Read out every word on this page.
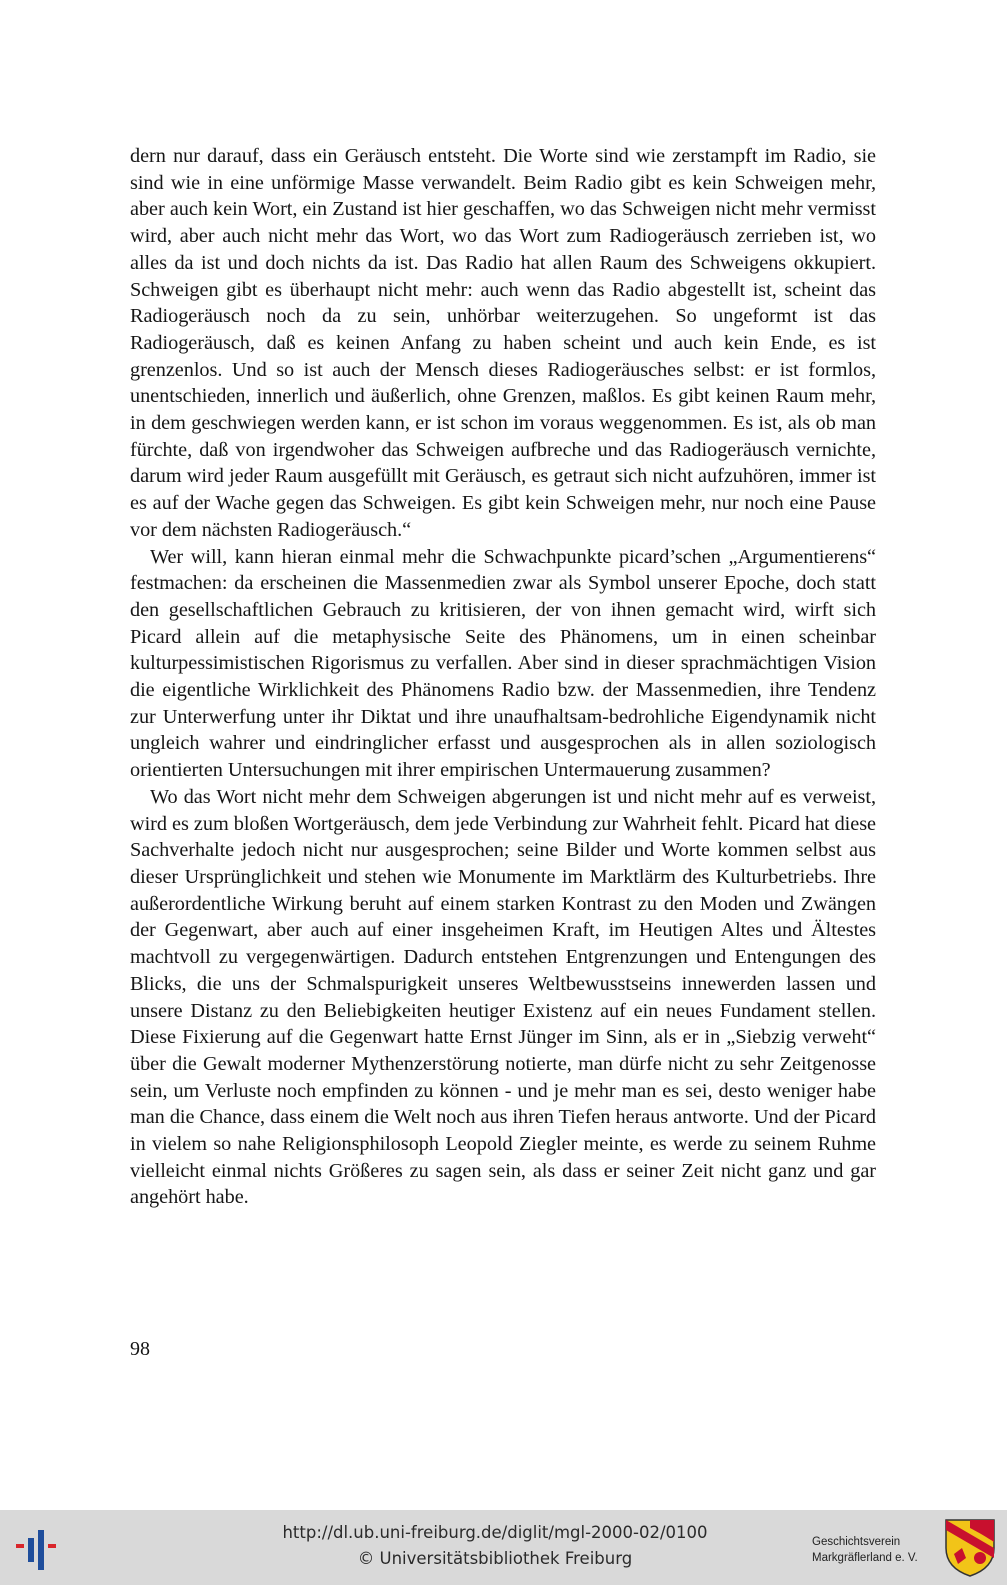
dern nur darauf, dass ein Geräusch entsteht. Die Worte sind wie zerstampft im Radio, sie sind wie in eine unförmige Masse verwandelt. Beim Radio gibt es kein Schweigen mehr, aber auch kein Wort, ein Zustand ist hier geschaffen, wo das Schweigen nicht mehr vermisst wird, aber auch nicht mehr das Wort, wo das Wort zum Radiogeräusch zerrieben ist, wo alles da ist und doch nichts da ist. Das Radio hat allen Raum des Schweigens okkupiert. Schweigen gibt es überhaupt nicht mehr: auch wenn das Radio abgestellt ist, scheint das Radiogeräusch noch da zu sein, unhörbar weiterzugehen. So ungeformt ist das Radiogeräusch, daß es keinen Anfang zu haben scheint und auch kein Ende, es ist grenzenlos. Und so ist auch der Mensch dieses Radiogeräusches selbst: er ist formlos, unentschieden, innerlich und äußerlich, ohne Grenzen, maßlos. Es gibt keinen Raum mehr, in dem geschwiegen werden kann, er ist schon im voraus weggenommen. Es ist, als ob man fürchte, daß von irgendwoher das Schweigen aufbreche und das Radiogeräusch vernichte, darum wird jeder Raum ausgefüllt mit Geräusch, es getraut sich nicht aufzuhören, immer ist es auf der Wache gegen das Schweigen. Es gibt kein Schweigen mehr, nur noch eine Pause vor dem nächsten Radiogeräusch.“

Wer will, kann hieran einmal mehr die Schwachpunkte picard’schen „Argumentierens“ festmachen: da erscheinen die Massenmedien zwar als Symbol unserer Epoche, doch statt den gesellschaftlichen Gebrauch zu kritisieren, der von ihnen gemacht wird, wirft sich Picard allein auf die metaphysische Seite des Phänomens, um in einen scheinbar kulturpessimistischen Rigorismus zu verfallen. Aber sind in dieser sprachmächtigen Vision die eigentliche Wirklichkeit des Phänomens Radio bzw. der Massenmedien, ihre Tendenz zur Unterwerfung unter ihr Diktat und ihre unaufhaltsam-bedrohliche Eigendynamik nicht ungleich wahrer und eindringlicher erfasst und ausgesprochen als in allen soziologisch orientierten Untersuchungen mit ihrer empirischen Untermauerung zusammen?

Wo das Wort nicht mehr dem Schweigen abgerungen ist und nicht mehr auf es verweist, wird es zum bloßen Wortgeräusch, dem jede Verbindung zur Wahrheit fehlt. Picard hat diese Sachverhalte jedoch nicht nur ausgesprochen; seine Bilder und Worte kommen selbst aus dieser Ursprünglichkeit und stehen wie Monumente im Marktlärm des Kulturbetriebs. Ihre außerordentliche Wirkung beruht auf einem starken Kontrast zu den Moden und Zwängen der Gegenwart, aber auch auf einer insgeheimen Kraft, im Heutigen Altes und Ältestes machtvoll zu vergegenwärtigen. Dadurch entstehen Entgrenzungen und Entengungen des Blicks, die uns der Schmalspurigkeit unseres Weltbewusstseins innewerden lassen und unsere Distanz zu den Beliebigkeiten heutiger Existenz auf ein neues Fundament stellen. Diese Fixierung auf die Gegenwart hatte Ernst Jünger im Sinn, als er in „Siebzig verweht“ über die Gewalt moderner Mythenzerstörung notierte, man dürfe nicht zu sehr Zeitgenosse sein, um Verluste noch empfinden zu können - und je mehr man es sei, desto weniger habe man die Chance, dass einem die Welt noch aus ihren Tiefen heraus antworte. Und der Picard in vielem so nahe Religionsphilosoph Leopold Ziegler meinte, es werde zu seinem Ruhme vielleicht einmal nichts Größeres zu sagen sein, als dass er seiner Zeit nicht ganz und gar angehört habe.

98
http://dl.ub.uni-freiburg.de/diglit/mgl-2000-02/0100
© Universitätsbibliothek Freiburg
Geschichtsverein
Markgräflerland e. V.
